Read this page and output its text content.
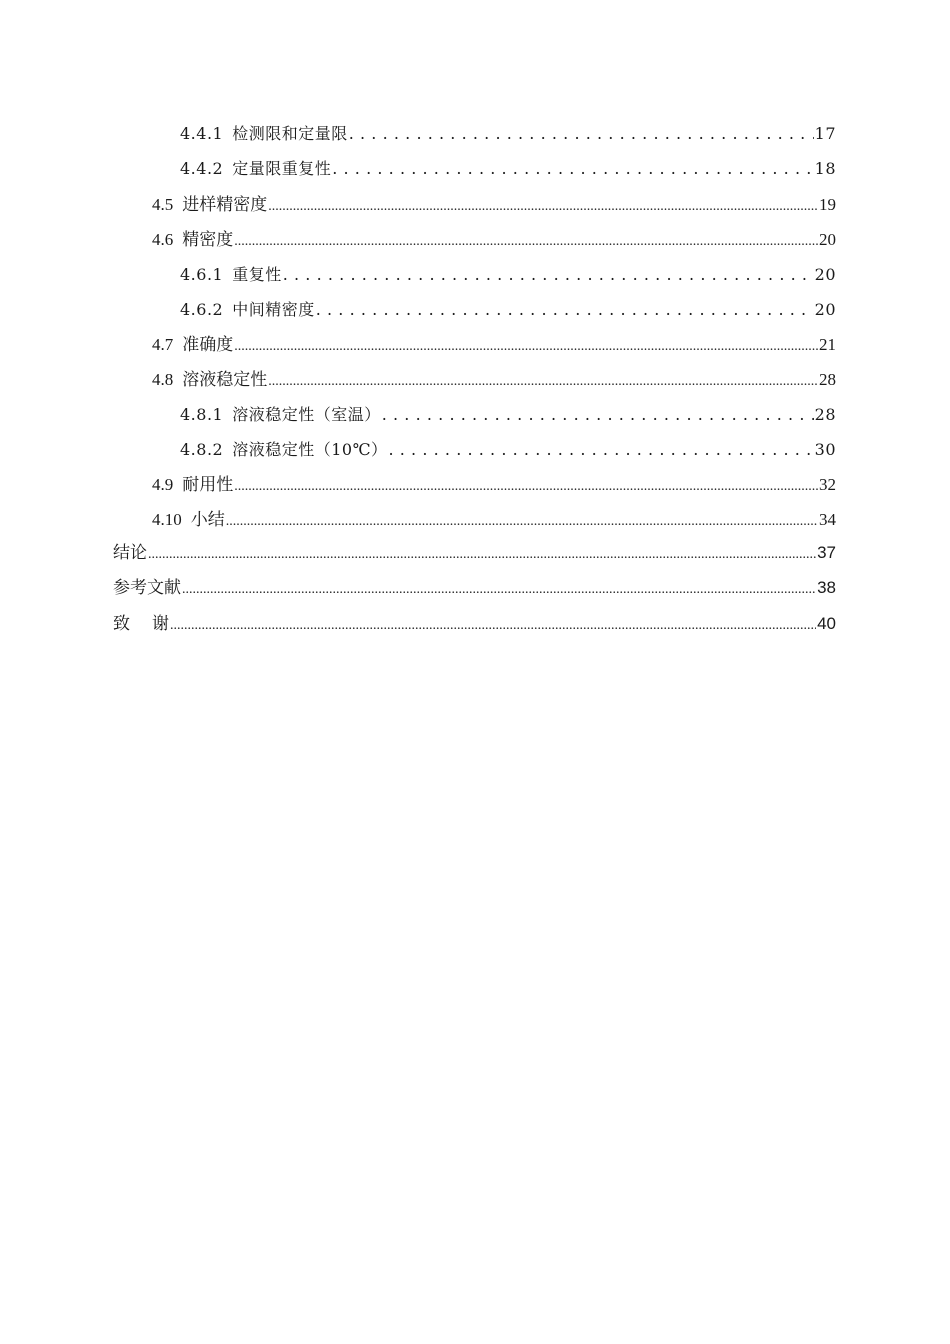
4.4.1 检测限和定量限 .....	17
4.4.2 定量限重复性 .....	18
4.5 进样精密度 .....	19
4.6 精密度 .....	20
4.6.1 重复性 .....	20
4.6.2 中间精密度 .....	20
4.7 准确度 .....	21
4.8 溶液稳定性 .....	28
4.8.1 溶液稳定性（室温） .....	28
4.8.2 溶液稳定性（10℃） .....	30
4.9 耐用性 .....	32
4.10 小结 .....	34
结论 .....	37
参考文献 .....	38
致 谢 .....	40
